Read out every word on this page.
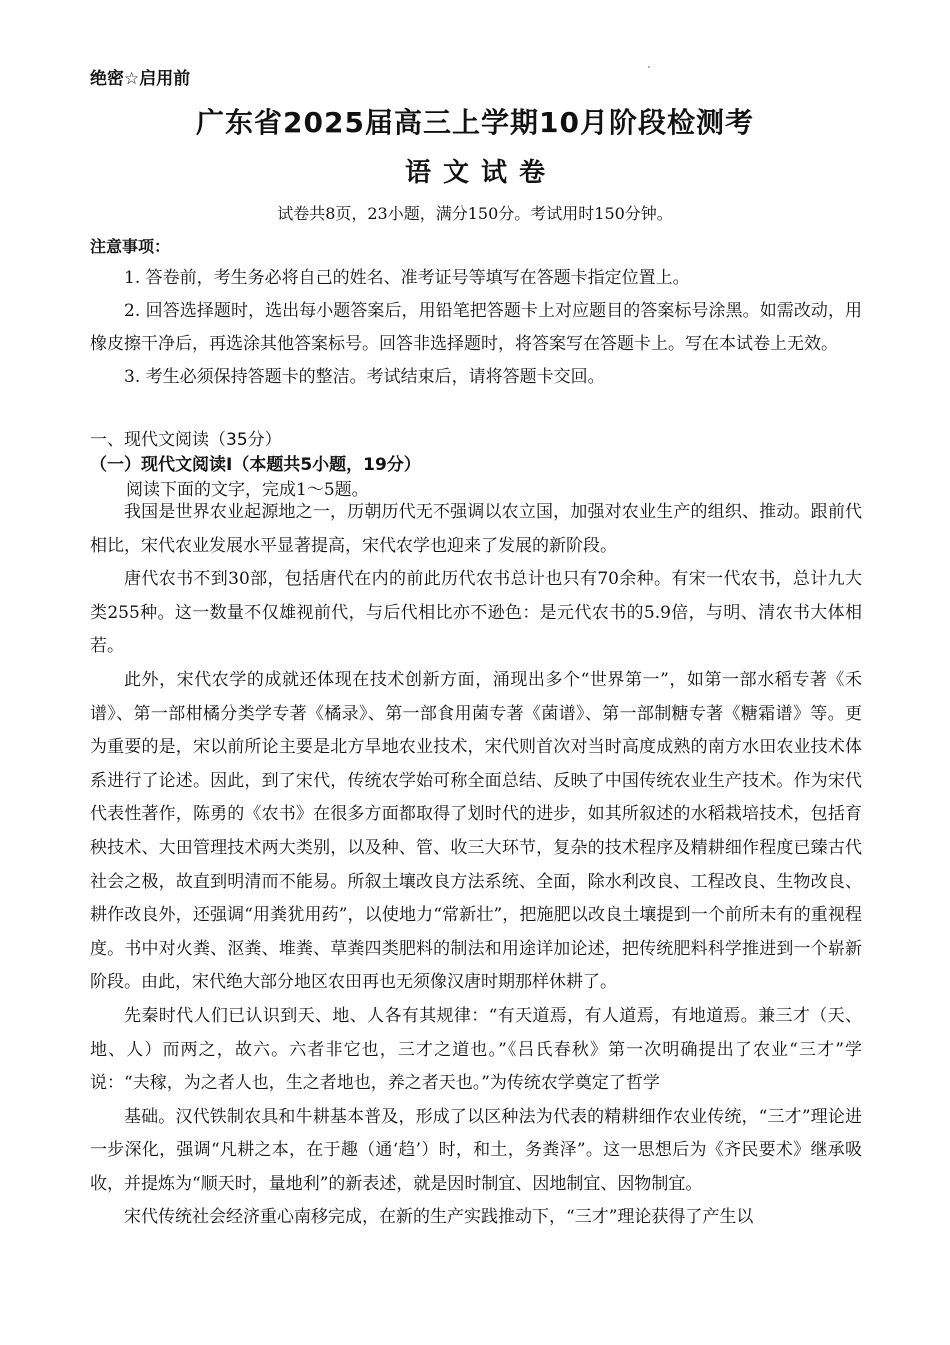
绝密☆启用前
广东省2025届高三上学期10月阶段检测考
语文试卷
试卷共8页，23小题，满分150分。考试用时150分钟。
注意事项：

1. 答卷前，考生务必将自己的姓名、准考证号等填写在答题卡指定位置上。

2. 回答选择题时，选出每小题答案后，用铅笔把答题卡上对应题目的答案标号涂黑。如需改动，用橡皮擦干净后，再选涂其他答案标号。回答非选择题时，将答案写在答题卡上。写在本试卷上无效。

3. 考生必须保持答题卡的整洁。考试结束后，请将答题卡交回。

一、现代文阅读（35分）
（一）现代文阅读Ⅰ（本题共5小题，19分）
阅读下面的文字，完成1～5题。

我国是世界农业起源地之一，历朝历代无不强调以农立国，加强对农业生产的组织、推动。跟前代相比，宋代农业发展水平显著提高，宋代农学也迎来了发展的新阶段。

唐代农书不到30部，包括唐代在内的前此历代农书总计也只有70余种。有宋一代农书，总计九大类255种。这一数量不仅雄视前代，与后代相比亦不逊色：是元代农书的5.9倍，与明、清农书大体相若。

此外，宋代农学的成就还体现在技术创新方面，涌现出多个“世界第一”，如第一部水稻专著《禾谱》、第一部柑橘分类学专著《橘录》、第一部食用菌专著《菌谱》、第一部制糖专著《糖霜谱》等。更为重要的是，宋以前所论主要是北方旱地农业技术，宋代则首次对当时高度成熟的南方水田农业技术体系进行了论述。因此，到了宋代，传统农学始可称全面总结、反映了中国传统农业生产技术。作为宋代代表性著作，陈勇的《农书》在很多方面都取得了划时代的进步，如其所叙述的水稻栽培技术，包括育秧技术、大田管理技术两大类别，以及种、管、收三大环节，复杂的技术程序及精耕细作程度已臻古代社会之极，故直到明清而不能易。所叙土壤改良方法系统、全面，除水利改良、工程改良、生物改良、耕作改良外，还强调“用粪犹用药”，以使地力“常新壮”，把施肥以改良土壤提到一个前所未有的重视程度。书中对火粪、沤粪、堆粪、草粪四类肥料的制法和用途详加论述，把传统肥料科学推进到一个崭新阶段。由此，宋代绝大部分地区农田再也无须像汉唐时期那样休耕了。

先秦时代人们已认识到天、地、人各有其规律：“有天道焉，有人道焉，有地道焉。兼三才（天、地、人）而两之，故六。六者非它也，三才之道也。”《吕氏春秋》第一次明确提出了农业“三才”学说：“夫稼，为之者人也，生之者地也，养之者天也。”为传统农学奠定了哲学

基础。汉代铁制农具和牛耕基本普及，形成了以区种法为代表的精耕细作农业传统，“三才”理论进一步深化，强调“凡耕之本，在于趣（通‘趋’）时，和土，务粪泽”。这一思想后为《齐民要术》继承吸收，并提炼为“顺天时，量地利”的新表述，就是因时制宜、因地制宜、因物制宜。

宋代传统社会经济重心南移完成，在新的生产实践推动下，“三才”理论获得了产生以
